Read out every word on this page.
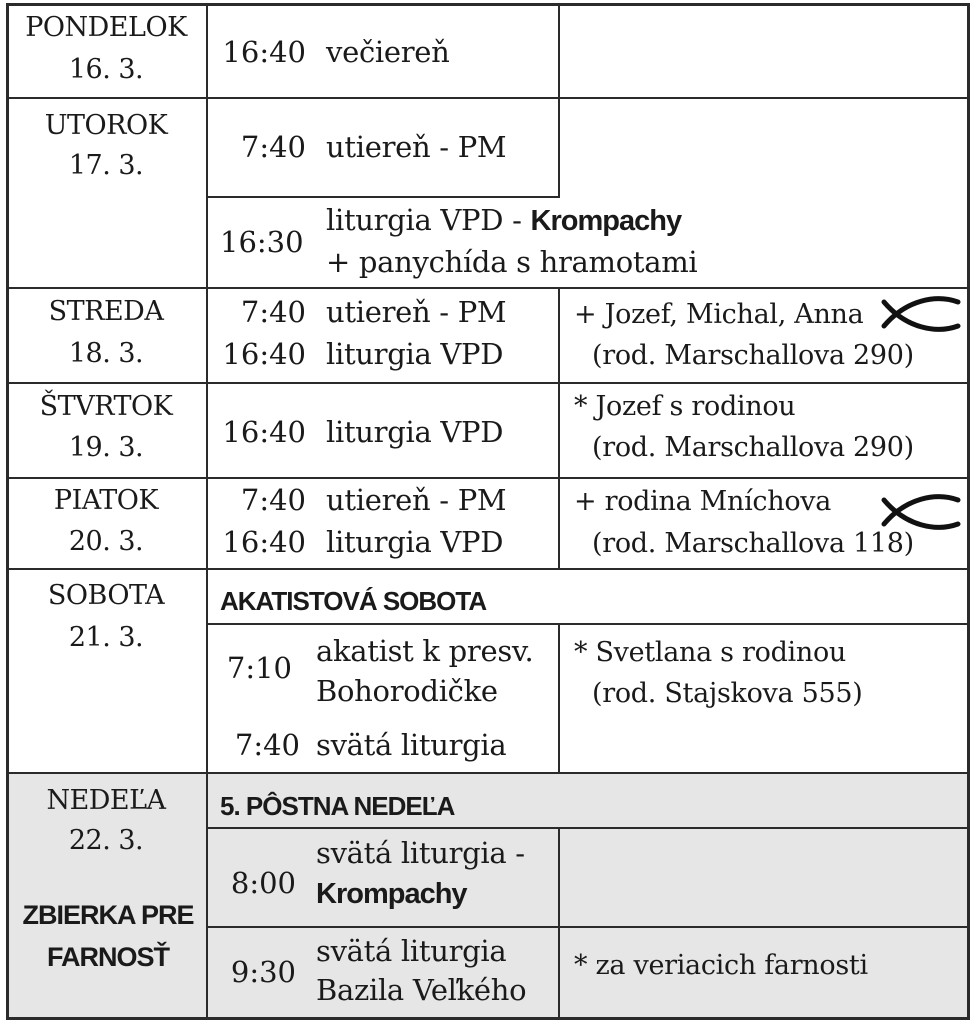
PONDELOK
16. 3.
UTOROK
17. 3.
STREDA
18. 3.
ŠTVRTOK
19. 3.
PIATOK
20. 3.
SOBOTA
21. 3.
NEDEĽA
22. 3.
ZBIERKA PRE
FARNOSŤ
16:40 večiereň
7:40 utiereň - PM
16:30
liturgia VPD - Krompachy
+ panychída s hramotami
7:40 utiereň - PM
16:40 liturgia VPD
+ Jozef, Michal, Anna
(rod. Marschallova 290)
16:40 liturgia VPD
* Jozef s rodinou
(rod. Marschallova 290)
7:40 utiereň - PM
16:40 liturgia VPD
+ rodina Mníchova
(rod. Marschallova 118)
AKATISTOVÁ SOBOTA
7:10 akatist k presv.
Bohorodičke
7:40 svätá liturgia
* Svetlana s rodinou
(rod. Stajskova 555)
5. PÔSTNA NEDEĽA
8:00
svätá liturgia -
Krompachy
9:30
svätá liturgia
Bazila Veľkého
* za veriacich farnosti
